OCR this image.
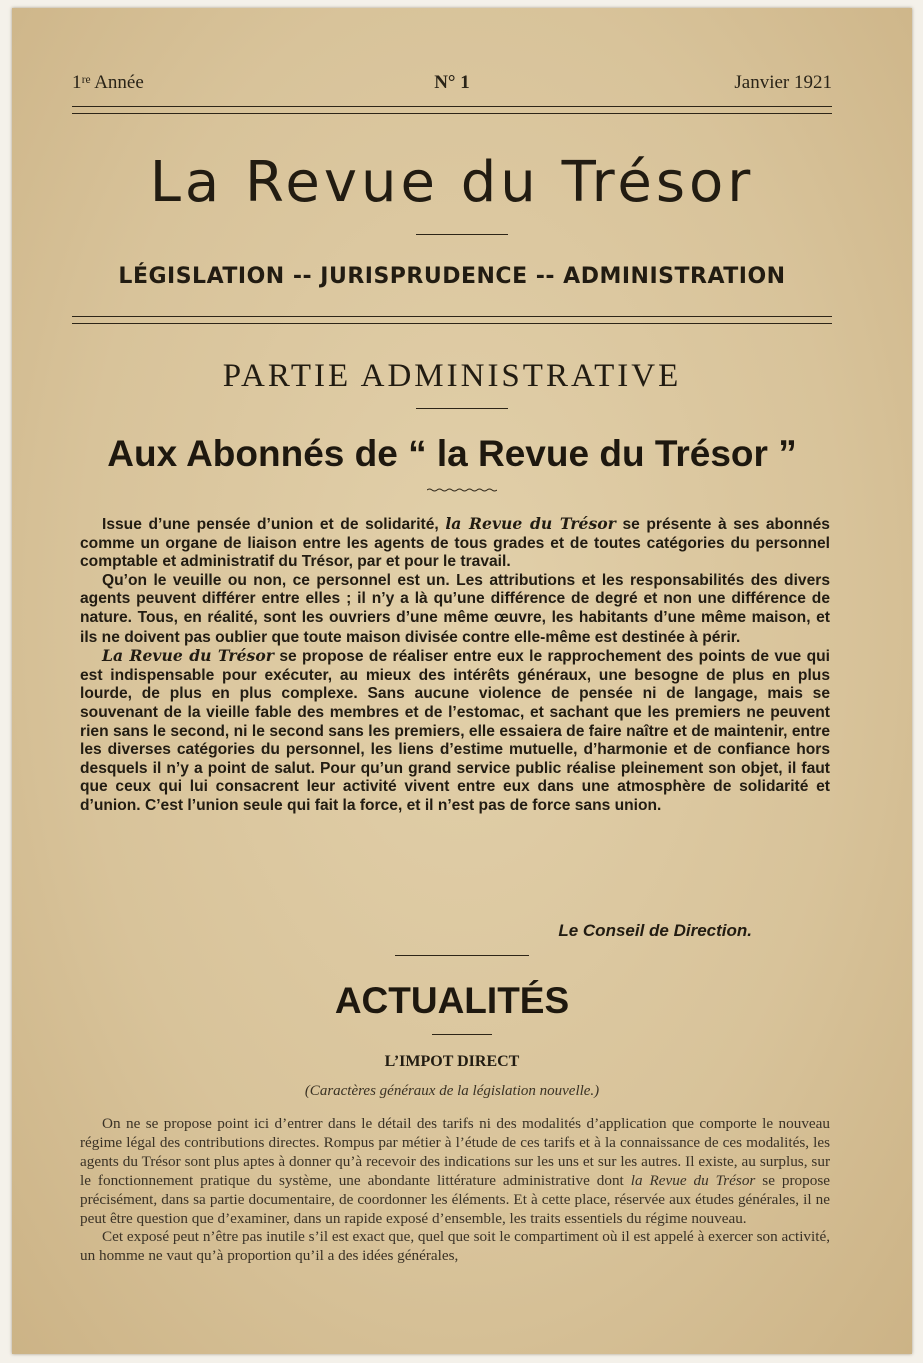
1ʳᵉ Année	N° 1	Janvier 1921
La Revue du Trésor
LÉGISLATION -- JURISPRUDENCE -- ADMINISTRATION
PARTIE ADMINISTRATIVE
Aux Abonnés de “ la Revue du Trésor ”

Issue d’une pensée d’union et de solidarité, la Revue du Trésor se présente à ses abonnés comme un organe de liaison entre les agents de tous grades et de toutes catégories du personnel comptable et administratif du Trésor, par et pour le travail.

Qu’on le veuille ou non, ce personnel est un. Les attributions et les responsabilités des divers agents peuvent différer entre elles ; il n’y a là qu’une différence de degré et non une différence de nature. Tous, en réalité, sont les ouvriers d’une même œuvre, les habitants d’une même maison, et ils ne doivent pas oublier que toute maison divisée contre elle-même est destinée à périr.

La Revue du Trésor se propose de réaliser entre eux le rapprochement des points de vue qui est indispensable pour exécuter, au mieux des intérêts généraux, une besogne de plus en plus lourde, de plus en plus complexe. Sans aucune violence de pensée ni de langage, mais se souvenant de la vieille fable des membres et de l’estomac, et sachant que les premiers ne peuvent rien sans le second, ni le second sans les premiers, elle essaiera de faire naître et de maintenir, entre les diverses catégories du personnel, les liens d’estime mutuelle, d’harmonie et de confiance hors desquels il n’y a point de salut. Pour qu’un grand service public réalise pleinement son objet, il faut que ceux qui lui consacrent leur activité vivent entre eux dans une atmosphère de solidarité et d’union. C’est l’union seule qui fait la force, et il n’est pas de force sans union.

Le Conseil de Direction.
ACTUALITÉS
L’IMPOT DIRECT
(Caractères généraux de la législation nouvelle.)

On ne se propose point ici d’entrer dans le détail des tarifs ni des modalités d’application que comporte le nouveau régime légal des contributions directes. Rompus par métier à l’étude de ces tarifs et à la connaissance de ces modalités, les agents du Trésor sont plus aptes à donner qu’à recevoir des indications sur les uns et sur les autres. Il existe, au surplus, sur le fonctionnement pratique du système, une abondante littérature administrative dont la Revue du Trésor se propose précisément, dans sa partie documentaire, de coordonner les éléments. Et à cette place, réservée aux études générales, il ne peut être question que d’examiner, dans un rapide exposé d’ensemble, les traits essentiels du régime nouveau.

Cet exposé peut n’être pas inutile s’il est exact que, quel que soit le compartiment où il est appelé à exercer son activité, un homme ne vaut qu’à proportion qu’il a des idées générales,
